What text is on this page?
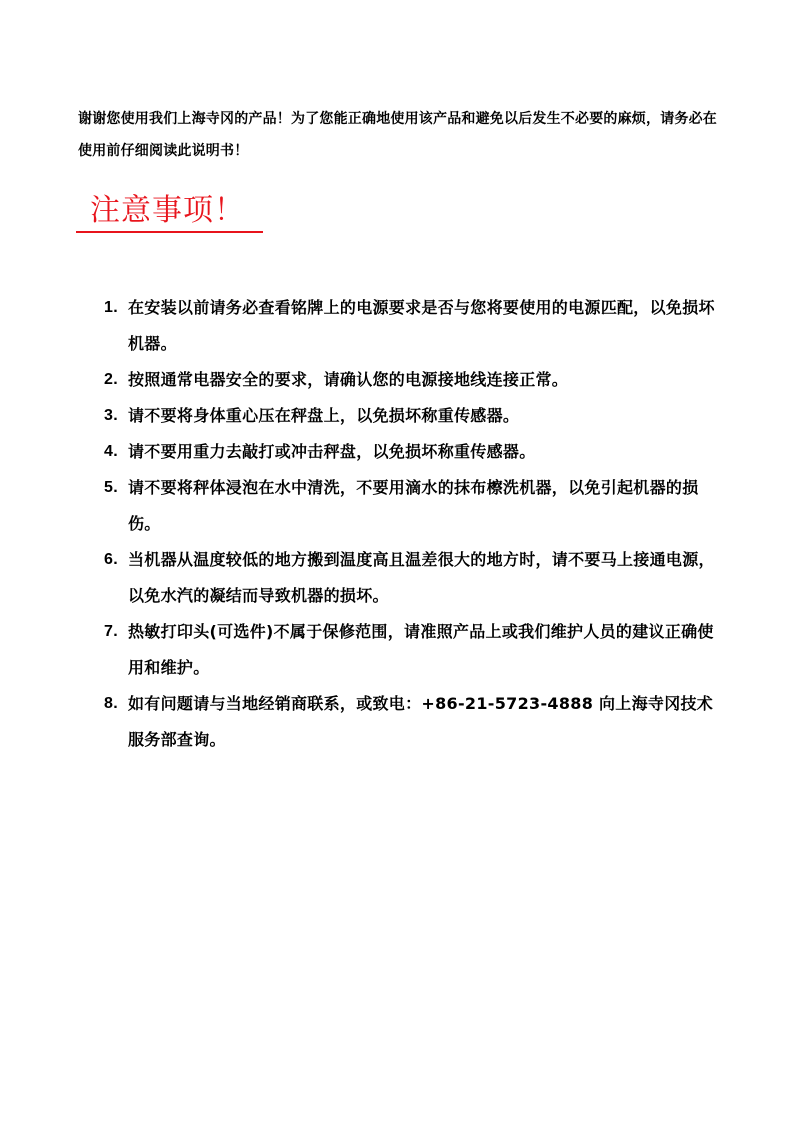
谢谢您使用我们上海寺冈的产品！为了您能正确地使用该产品和避免以后发生不必要的麻烦，请务必在使用前仔细阅读此说明书！

注意事项！
1. 在安装以前请务必查看铭牌上的电源要求是否与您将要使用的电源匹配，以免损坏机器。
2. 按照通常电器安全的要求，请确认您的电源接地线连接正常。
3. 请不要将身体重心压在秤盘上，以免损坏称重传感器。
4. 请不要用重力去敲打或冲击秤盘，以免损坏称重传感器。
5. 请不要将秤体浸泡在水中清洗，不要用滴水的抹布檫洗机器，以免引起机器的损伤。
6. 当机器从温度较低的地方搬到温度高且温差很大的地方时，请不要马上接通电源，以免水汽的凝结而导致机器的损坏。
7. 热敏打印头(可选件)不属于保修范围，请准照产品上或我们维护人员的建议正确使用和维护。
8. 如有问题请与当地经销商联系，或致电：+86-21-5723-4888 向上海寺冈技术服务部查询。
